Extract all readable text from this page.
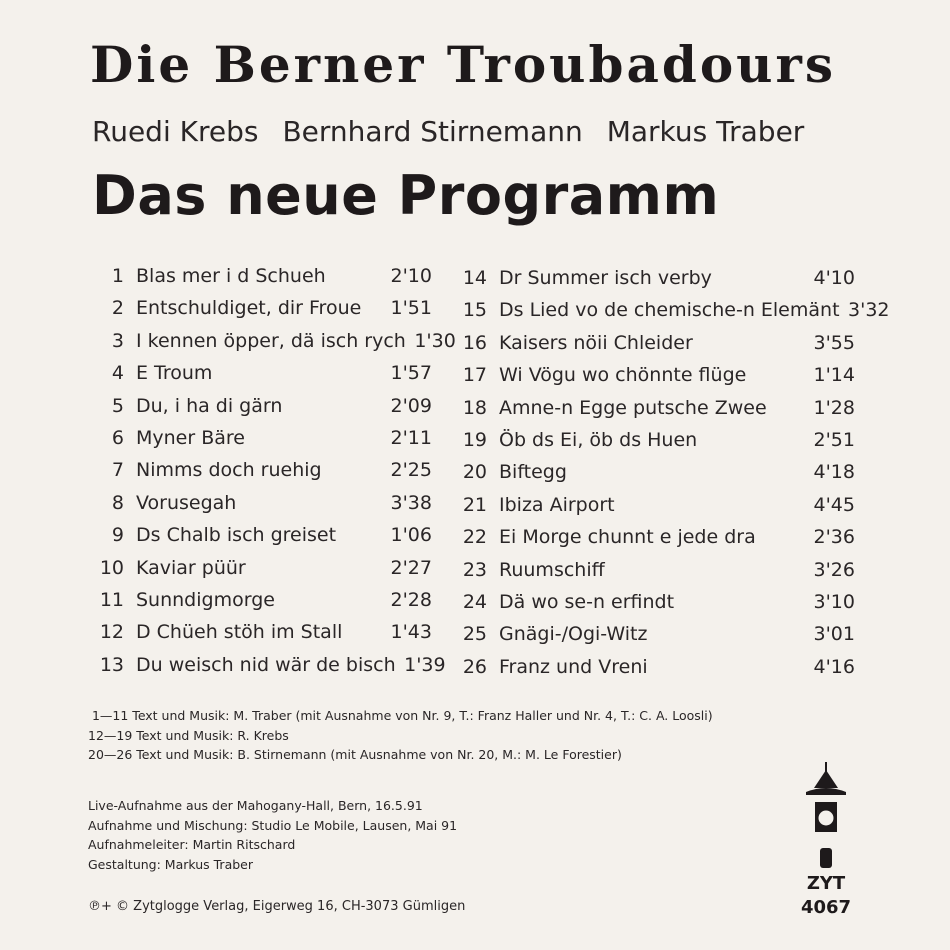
Die Berner Troubadours
Ruedi Krebs Bernhard Stirnemann Markus Traber
Das neue Programm
1 Blas mer i d Schueh	2'10
2 Entschuldiget, dir Froue	1'51
3 I kennen öpper, dä isch rych 1'30
4 E Troum	1'57
5 Du, i ha di gärn	2'09
6 Myner Bäre	2'11
7 Nimms doch ruehig	2'25
8 Vorusegah	3'38
9 Ds Chalb isch greiset	1'06
10 Kaviar püür	2'27
11 Sunndigmorge	2'28
12 D Chüeh stöh im Stall	1'43
13 Du weisch nid wär de bisch 1'39
14 Dr Summer isch verby	4'10
15 Ds Lied vo de chemische-n Elemänt 3'32
16 Kaisers nöii Chleider	3'55
17 Wi Vögu wo chönnte flüge	1'14
18 Amne-n Egge putsche Zwee	1'28
19 Öb ds Ei, öb ds Huen	2'51
20 Biftegg	4'18
21 Ibiza Airport	4'45
22 Ei Morge chunnt e jede dra	2'36
23 Ruumschiff	3'26
24 Dä wo se-n erfindt	3'10
25 Gnägi-/Ogi-Witz	3'01
26 Franz und Vreni	4'16
1—11 Text und Musik: M. Traber (mit Ausnahme von Nr. 9, T.: Franz Haller und Nr. 4, T.: C. A. Loosli)
12—19 Text und Musik: R. Krebs
20—26 Text und Musik: B. Stirnemann (mit Ausnahme von Nr. 20, M.: M. Le Forestier)
Live-Aufnahme aus der Mahogany-Hall, Bern, 16.5.91
Aufnahme und Mischung: Studio Le Mobile, Lausen, Mai 91
Aufnahmeleiter: Martin Ritschard
Gestaltung: Markus Traber
℗+ © Zytglogge Verlag, Eigerweg 16, CH-3073 Gümligen
ZYT
4067
